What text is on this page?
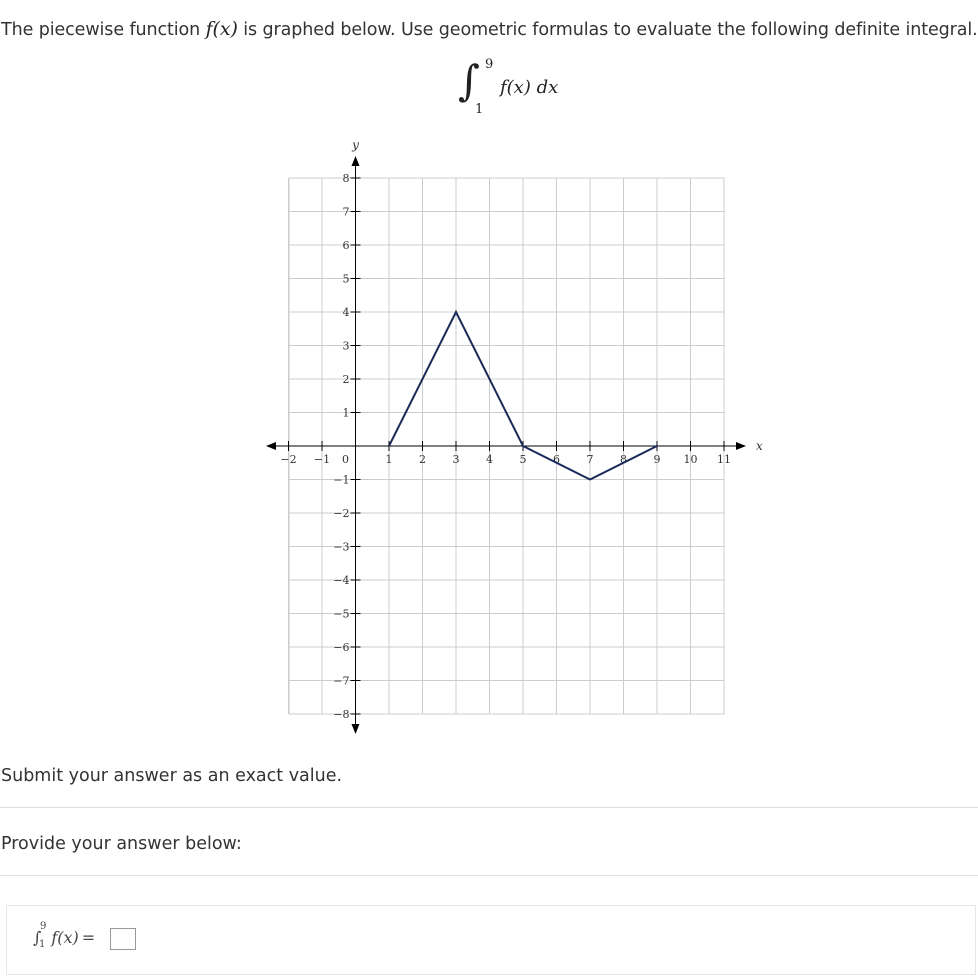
The piecewise function f(x) is graphed below. Use geometric formulas to evaluate the following definite integral.
∫ 9
1
f(x) dx
x
y
−2 −1 0	1 2 3 4 5 6 7 8 9 10 11
1
2
3
4
5
6
7
8
−1
−2
−3
−4
−5
−6
−7
−8
Submit your answer as an exact value.
Provide your answer below:
∫
9
1 f(x) =
